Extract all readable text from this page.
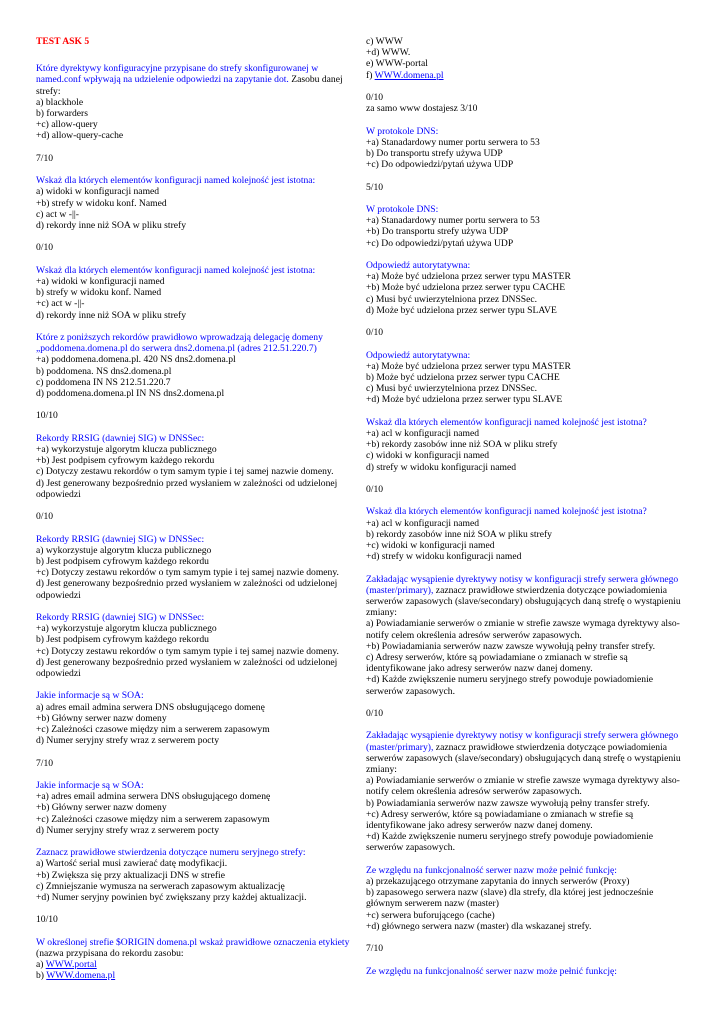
TEST ASK 5

Które dyrektywy konfiguracyjne przypisane do strefy skonfigurowanej w named.conf wpływają na udzielenie odpowiedzi na zapytanie dot. Zasobu danej strefy:

a) blackhole
b) forwarders
+c) allow-query
+d) allow-query-cache
7/10

Wskaż dla których elementów konfiguracji named kolejność jest istotna:

a) widoki w konfiguracji named
+b) strefy w widoku konf. Named
c) act w -||-
d) rekordy inne niż SOA w pliku strefy
0/10

Wskaż dla których elementów konfiguracji named kolejność jest istotna:

+a) widoki w konfiguracji named
b) strefy w widoku konf. Named
+c) act w -||-
d) rekordy inne niż SOA w pliku strefy

Które z poniższych rekordów prawidłowo wprowadzają delegację domeny „poddomena.domena.pl do serwera dns2.domena.pl (adres 212.51.220.7)

+a) poddomena.domena.pl. 420 NS dns2.domena.pl
b) poddomena. NS dns2.domena.pl
c) poddomena IN NS 212.51.220.7
d) poddomena.domena.pl IN NS dns2.domena.pl
10/10

Rekordy RRSIG (dawniej SIG) w DNSSec:

+a) wykorzystuje algorytm klucza publicznego
+b) Jest podpisem cyfrowym każdego rekordu
c) Dotyczy zestawu rekordów o tym samym typie i tej samej nazwie domeny.
d) Jest generowany bezpośrednio przed wysłaniem w zależności od udzielonej odpowiedzi
0/10

Rekordy RRSIG (dawniej SIG) w DNSSec:

a) wykorzystuje algorytm klucza publicznego
b) Jest podpisem cyfrowym każdego rekordu
+c) Dotyczy zestawu rekordów o tym samym typie i tej samej nazwie domeny.
d) Jest generowany bezpośrednio przed wysłaniem w zależności od udzielonej odpowiedzi

Rekordy RRSIG (dawniej SIG) w DNSSec:

+a) wykorzystuje algorytm klucza publicznego
b) Jest podpisem cyfrowym każdego rekordu
+c) Dotyczy zestawu rekordów o tym samym typie i tej samej nazwie domeny.
d) Jest generowany bezpośrednio przed wysłaniem w zależności od udzielonej odpowiedzi

Jakie informacje są w SOA:

a) adres email admina serwera DNS obsługującego domenę
+b) Główny serwer nazw domeny
+c) Zależności czasowe między nim a serwerem zapasowym
d) Numer seryjny strefy wraz z serwerem pocty
7/10

Jakie informacje są w SOA:

+a) adres email admina serwera DNS obsługującego domenę
+b) Główny serwer nazw domeny
+c) Zależności czasowe między nim a serwerem zapasowym
d) Numer seryjny strefy wraz z serwerem pocty

Zaznacz prawidłowe stwierdzenia dotyczące numeru seryjnego strefy:

a) Wartość serial musi zawierać datę modyfikacji.
+b) Zwiększa się przy aktualizacji DNS w strefie
c) Zmniejszanie wymusza na serwerach zapasowym aktualizację
+d) Numer seryjny powinien być zwiększany przy każdej aktualizacji.
10/10

W określonej strefie $ORIGIN domena.pl wskaż prawidłowe oznaczenia etykiety

(nazwa przypisana do rekordu zasobu:
a) WWW.portal
b) WWW.domena.pl
c) WWW
+d) WWW.
e) WWW-portal
f) WWW.domena.pl
0/10
za samo www dostajesz 3/10

W protokole DNS:

+a) Stanadardowy numer portu serwera to 53
b) Do transportu strefy używa UDP
+c) Do odpowiedzi/pytań używa UDP
5/10

W protokole DNS:

+a) Stanadardowy numer portu serwera to 53
+b) Do transportu strefy używa UDP
+c) Do odpowiedzi/pytań używa UDP

Odpowiedź autorytatywna:

+a) Może być udzielona przez serwer typu MASTER
+b) Może być udzielona przez serwer typu CACHE
c) Musi być uwierzytelniona przez DNSSec.
d) Może być udzielona przez serwer typu SLAVE
0/10

Odpowiedź autorytatywna:

+a) Może być udzielona przez serwer typu MASTER
b) Może być udzielona przez serwer typu CACHE
c) Musi być uwierzytelniona przez DNSSec.
+d) Może być udzielona przez serwer typu SLAVE

Wskaż dla których elementów konfiguracji named kolejność jest istotna?

+a) acl w konfiguracji named
+b) rekordy zasobów inne niż SOA w pliku strefy
c) widoki w konfiguracji named
d) strefy w widoku konfiguracji named
0/10

Wskaż dla których elementów konfiguracji named kolejność jest istotna?

+a) acl w konfiguracji named
b) rekordy zasobów inne niż SOA w pliku strefy
+c) widoki w konfiguracji named
+d) strefy w widoku konfiguracji named

Zakładając wysąpienie dyrektywy notisy w konfiguracji strefy serwera głównego (master/primary), zaznacz prawidłowe stwierdzenia dotyczące powiadomienia serwerów zapasowych (slave/secondary) obsługujących daną strefę o wystąpieniu zmiany:

a) Powiadamianie serwerów o zmianie w strefie zawsze wymaga dyrektywy also-notify celem określenia adresów serwerów zapasowych.
+b) Powiadamiania serwerów nazw zawsze wywołują pełny transfer strefy.
c) Adresy serwerów, które są powiadamiane o zmianach w strefie są identyfikowane jako adresy serwerów nazw danej domeny.
+d) Każde zwiększenie numeru seryjnego strefy powoduje powiadomienie serwerów zapasowych.
0/10

Zakładając wysąpienie dyrektywy notisy w konfiguracji strefy serwera głównego (master/primary), zaznacz prawidłowe stwierdzenia dotyczące powiadomienia serwerów zapasowych (slave/secondary) obsługujących daną strefę o wystąpieniu zmiany:

a) Powiadamianie serwerów o zmianie w strefie zawsze wymaga dyrektywy also-notify celem określenia adresów serwerów zapasowych.
b) Powiadamiania serwerów nazw zawsze wywołują pełny transfer strefy.
+c) Adresy serwerów, które są powiadamiane o zmianach w strefie są identyfikowane jako adresy serwerów nazw danej domeny.
+d) Każde zwiększenie numeru seryjnego strefy powoduje powiadomienie serwerów zapasowych.

Ze względu na funkcjonalność serwer nazw może pełnić funkcję:

a) przekazującego otrzymane zapytania do innych serwerów (Proxy)
b) zapasowego serwera nazw (slave) dla strefy, dla której jest jednocześnie głównym serwerem nazw (master)
+c) serwera buforującego (cache)
+d) głównego serwera nazw (master) dla wskazanej strefy.
7/10

Ze względu na funkcjonalność serwer nazw może pełnić funkcję:
